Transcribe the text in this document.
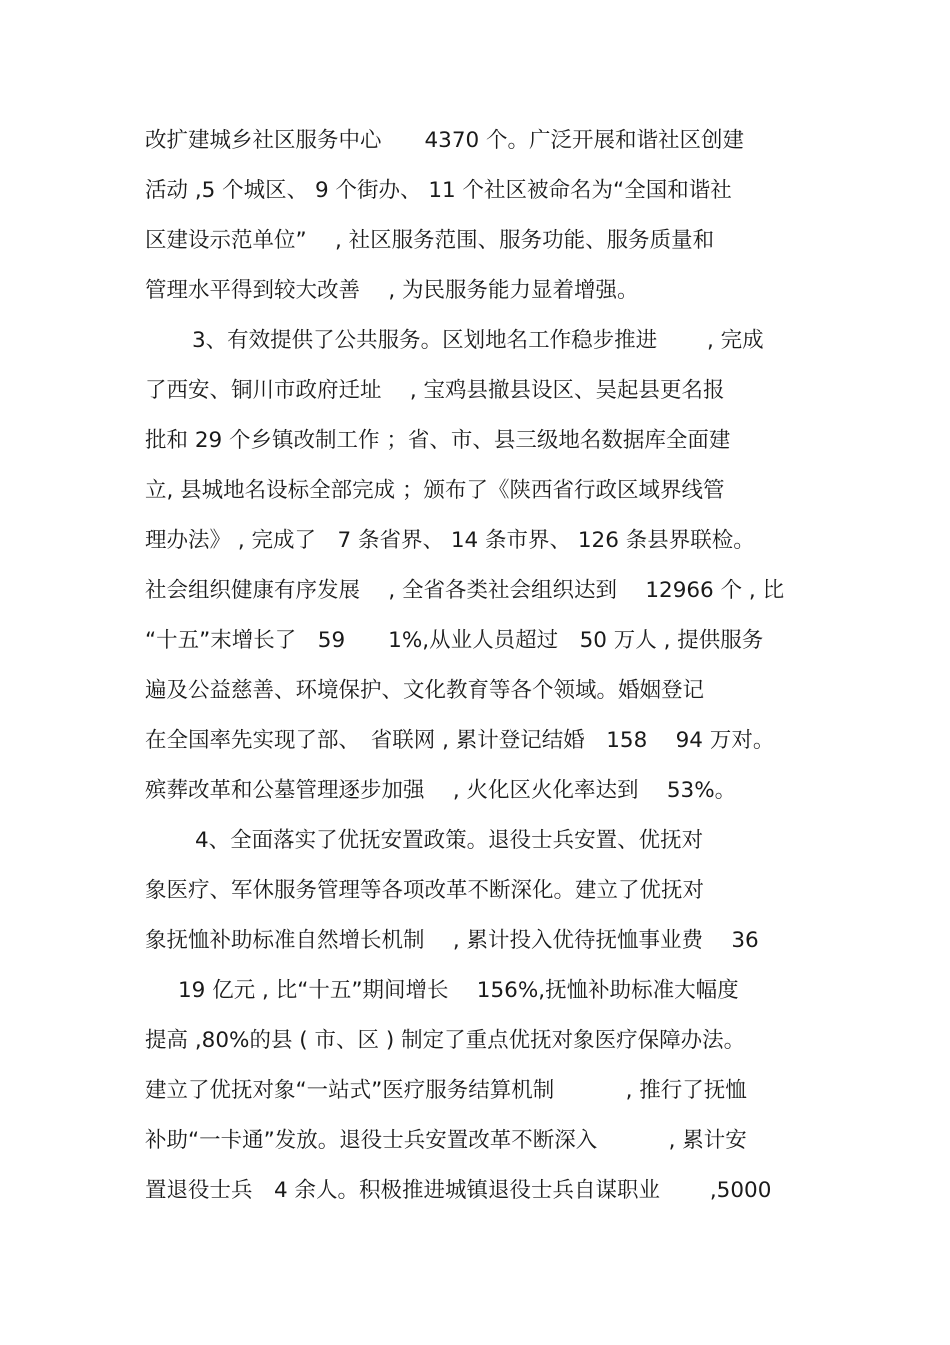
改扩建城乡社区服务中心　　4370 个。广泛开展和谐社区创建
活动 ,5 个城区、 9 个街办、 11 个社区被命名为“全国和谐社
区建设示范单位”　 , 社区服务范围、服务功能、服务质量和
管理水平得到较大改善　 , 为民服务能力显着增强。
3、有效提供了公共服务。区划地名工作稳步推进　　 , 完成
了西安、铜川市政府迁址　 , 宝鸡县撤县设区、吴起县更名报
批和 29 个乡镇改制工作 ；省、市、县三级地名数据库全面建
立, 县城地名设标全部完成 ；颁布了《陕西省行政区域界线管
理办法》 , 完成了　7 条省界、 14 条市界、 126 条县界联检。
社会组织健康有序发展　 , 全省各类社会组织达到　 12966 个 , 比
“十五”末增长了　59　　1%,从业人员超过　50 万人 , 提供服务
遍及公益慈善、环境保护、文化教育等各个领域。婚姻登记
在全国率先实现了部、　省联网 , 累计登记结婚　158　 94 万对。
殡葬改革和公墓管理逐步加强　 , 火化区火化率达到　 53%。
4、全面落实了优抚安置政策。退役士兵安置、优抚对
象医疗、军休服务管理等各项改革不断深化。建立了优抚对
象抚恤补助标准自然增长机制　 , 累计投入优待抚恤事业费　 36
19 亿元 , 比“十五”期间增长　 156%,抚恤补助标准大幅度
提高 ,80%的县 ( 市、区 ) 制定了重点优抚对象医疗保障办法。
建立了优抚对象“一站式”医疗服务结算机制　　　 , 推行了抚恤
补助“一卡通”发放。退役士兵安置改革不断深入　　　 , 累计安
置退役士兵　4 余人。积极推进城镇退役士兵自谋职业　　 ,5000
